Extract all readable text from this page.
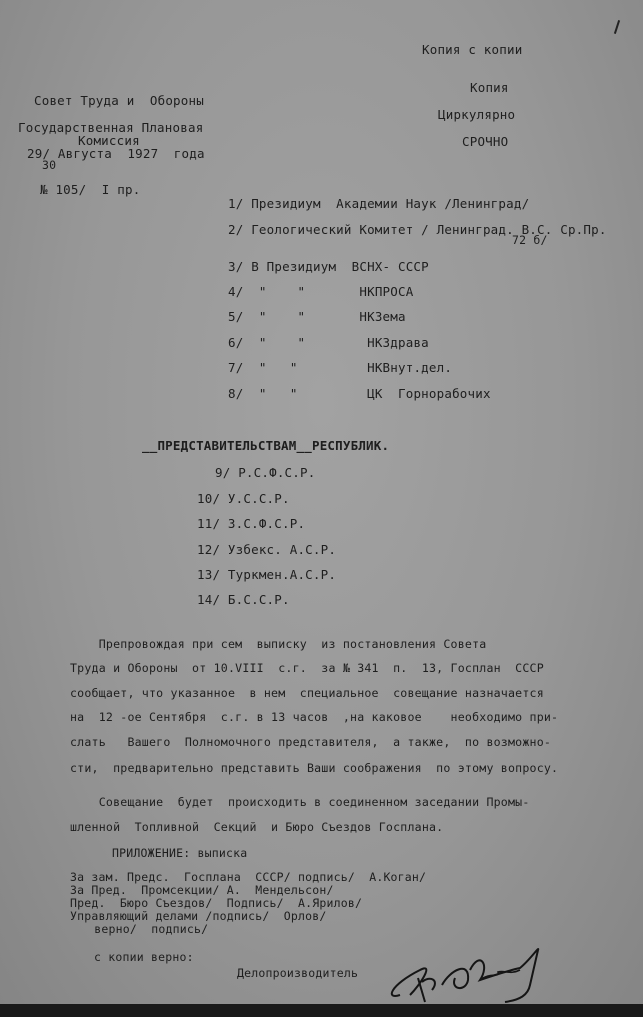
Копия с копии
Копия
Циркулярно
СРОЧНО
Совет Труда и  Обороны
Государственная Плановая
Комиссия
29/ Августа  1927  года
30
№ 105/  I пр.
1/ Президиум  Академии Наук /Ленинград/
2/ Геологический Комитет / Ленинград. В.С. Ср.Пр.
72 б/
3/ В Президиум  ВСНХ- СССР
4/ " "	НКПРОСА
5/ " "	НКЗема
6/ " "	НКЗдрава
7/ " "	НКВнут.дел.
8/ " "	ЦК  Горнорабочих
__ПРЕДСТАВИТЕЛЬСТВАМ__РЕСПУБЛИК.
9/ Р.С.Ф.С.Р.
10/ У.С.С.Р.
11/ З.С.Ф.С.Р.
12/ Узбекс. А.С.Р.
13/ Туркмен.А.С.Р.
14/ Б.С.С.Р.
Препровождая при сем  выписку  из постановления Совета
Труда и Обороны  от 10.VIII  с.г.  за № 341  п.  13, Госплан  СССР
сообщает, что указанное  в нем  специальное  совещание назначается
на  12 -ое Сентября  с.г. в 13 часов  ,на каковое    необходимо при-
слать   Вашего  Полномочного представителя,  а также,  по возможно-
сти,  предварительно представить Ваши соображения  по этому вопросу.
Совещание  будет  происходить в соединенном заседании Промы-
шленной  Топливной  Секций  и Бюро Съездов Госплана.
ПРИЛОЖЕНИЕ: выписка
За зам. Предс.  Госплана  СССР/ подпись/  А.Коган/
За Пред.  Промсекции/ А.  Мендельсон/
Пред.  Бюро Съездов/  Подпись/  А.Ярилов/
Управляющий делами /подпись/  Орлов/
верно/  подпись/
с копии верно:
Делопроизводитель
